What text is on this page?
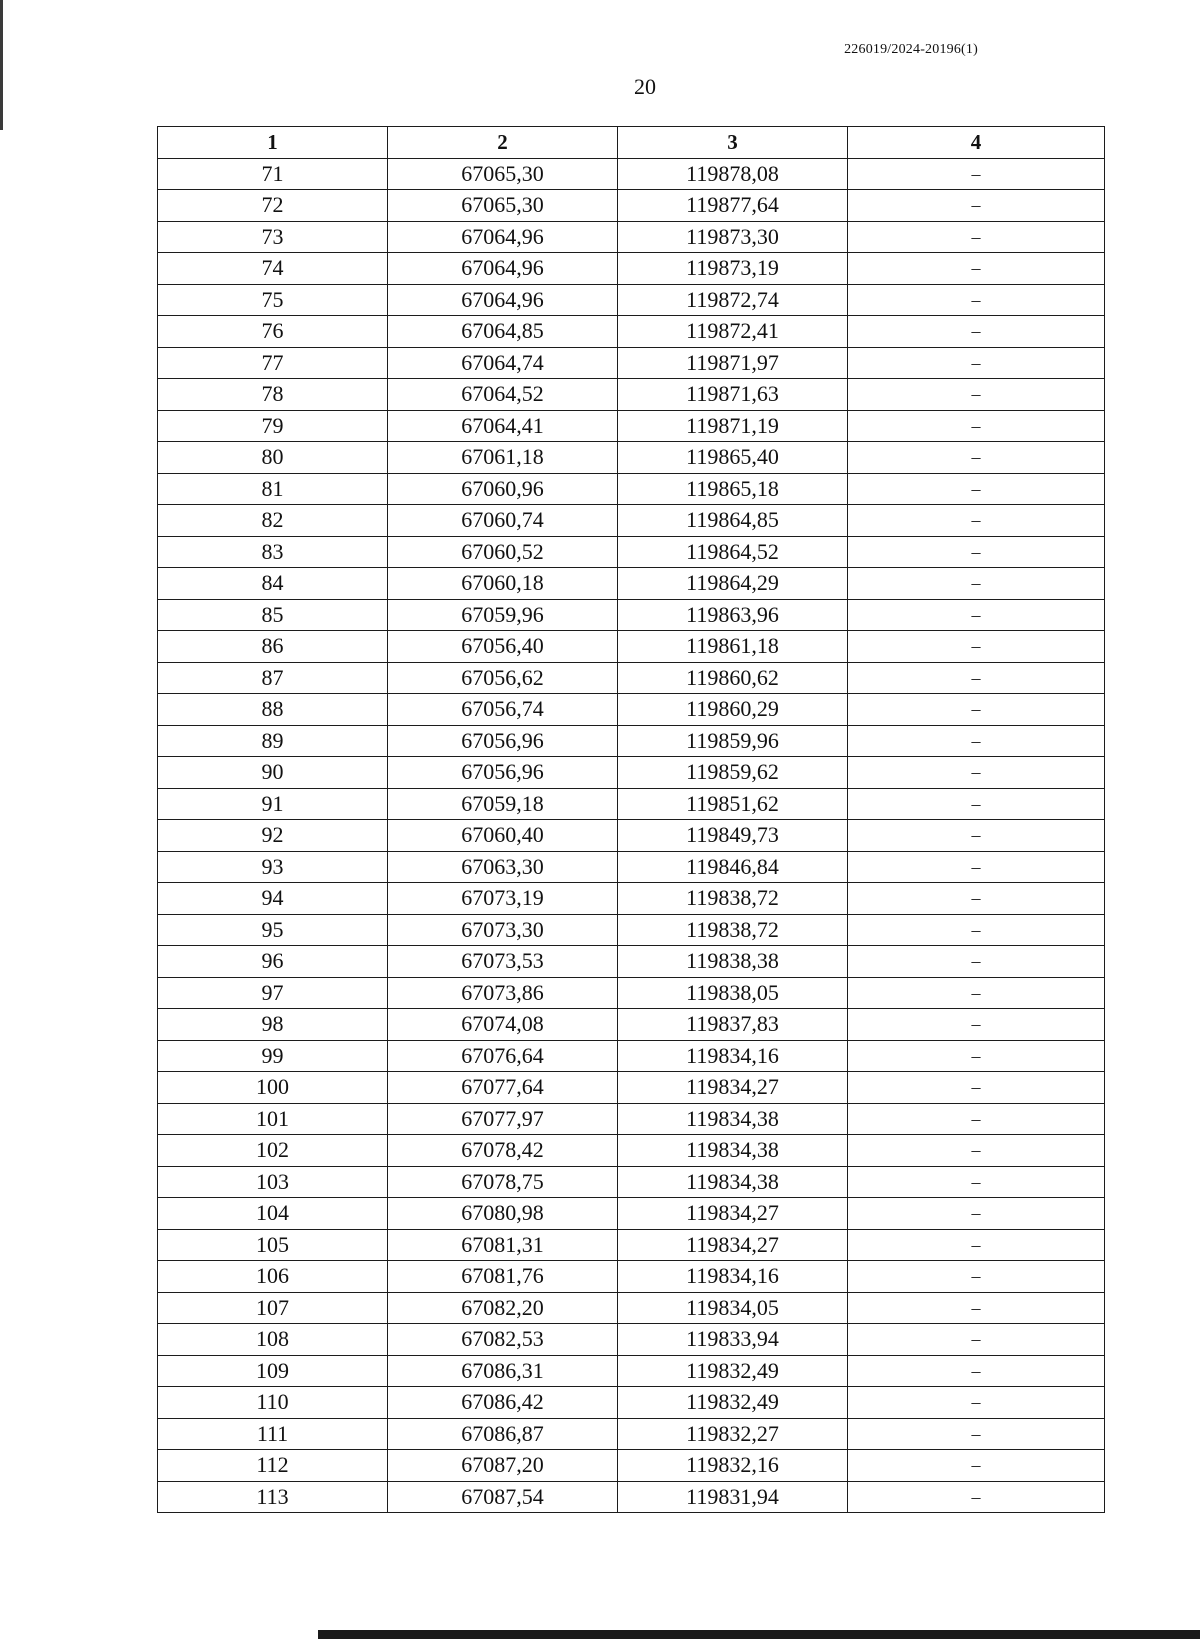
226019/2024-20196(1)
20
1	2	3	4
71	67065,30	119878,08	–
72	67065,30	119877,64	–
73	67064,96	119873,30	–
74	67064,96	119873,19	–
75	67064,96	119872,74	–
76	67064,85	119872,41	–
77	67064,74	119871,97	–
78	67064,52	119871,63	–
79	67064,41	119871,19	–
80	67061,18	119865,40	–
81	67060,96	119865,18	–
82	67060,74	119864,85	–
83	67060,52	119864,52	–
84	67060,18	119864,29	–
85	67059,96	119863,96	–
86	67056,40	119861,18	–
87	67056,62	119860,62	–
88	67056,74	119860,29	–
89	67056,96	119859,96	–
90	67056,96	119859,62	–
91	67059,18	119851,62	–
92	67060,40	119849,73	–
93	67063,30	119846,84	–
94	67073,19	119838,72	–
95	67073,30	119838,72	–
96	67073,53	119838,38	–
97	67073,86	119838,05	–
98	67074,08	119837,83	–
99	67076,64	119834,16	–
100	67077,64	119834,27	–
101	67077,97	119834,38	–
102	67078,42	119834,38	–
103	67078,75	119834,38	–
104	67080,98	119834,27	–
105	67081,31	119834,27	–
106	67081,76	119834,16	–
107	67082,20	119834,05	–
108	67082,53	119833,94	–
109	67086,31	119832,49	–
110	67086,42	119832,49	–
111	67086,87	119832,27	–
112	67087,20	119832,16	–
113	67087,54	119831,94	–
